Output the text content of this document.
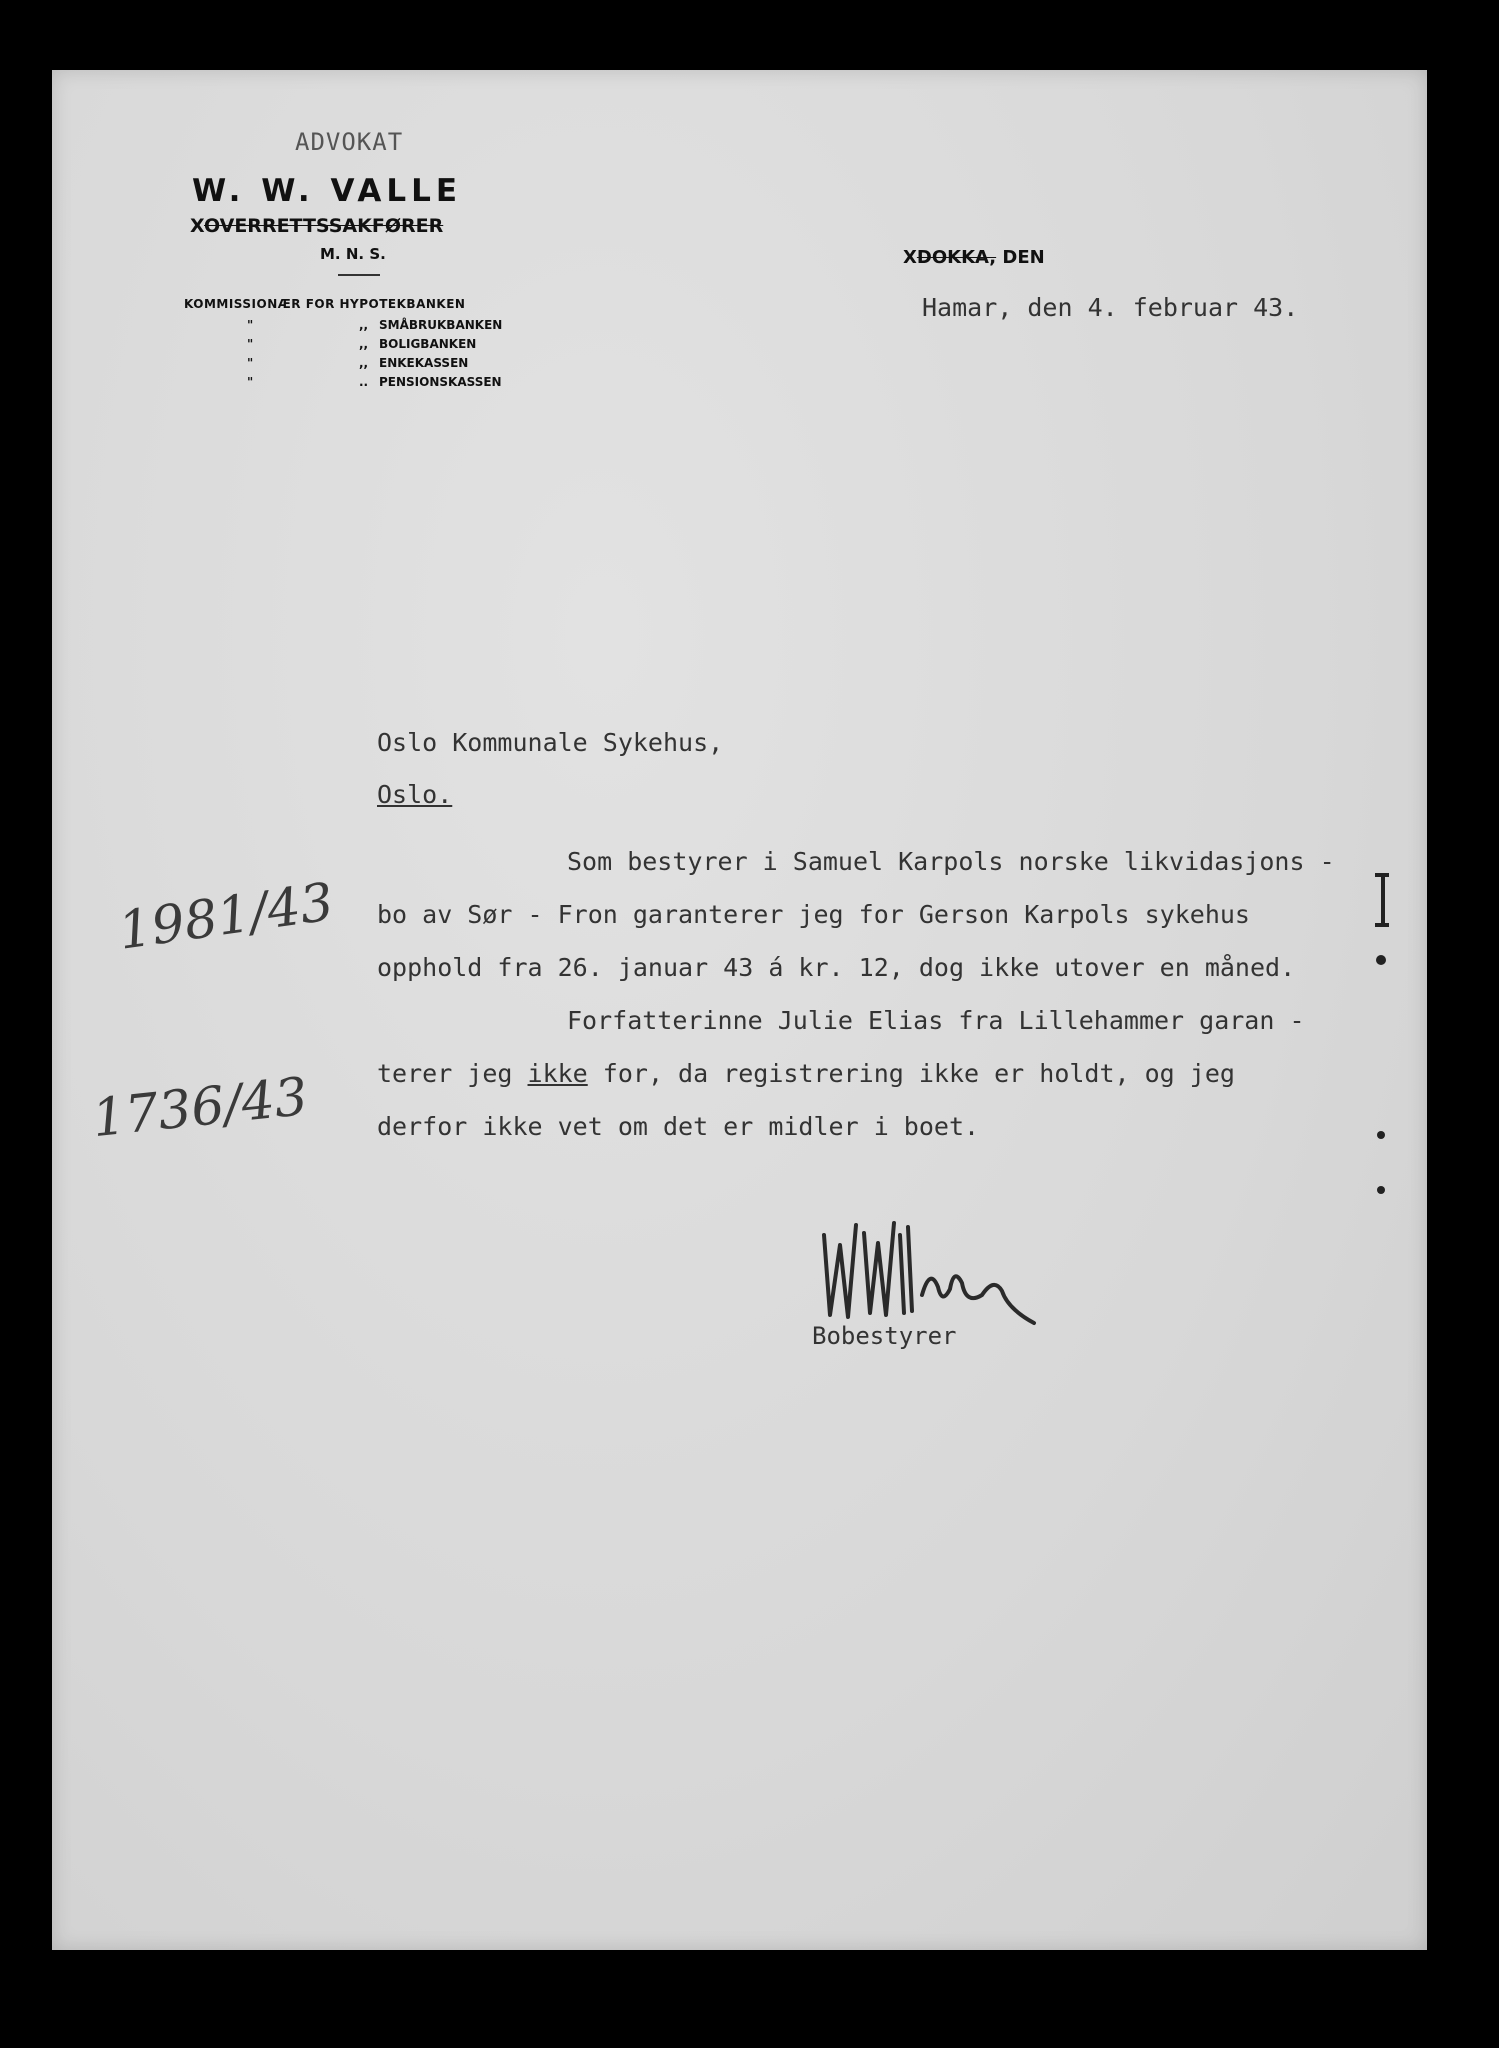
ADVOKAT
W. W. VALLE
XOVERRETTSSAKFØRER
M. N. S.
KOMMISSIONÆR FOR HYPOTEKBANKEN
"	,, SMÅBRUKBANKEN
"	,, BOLIGBANKEN
"	,, ENKEKASSEN
"	.. PENSIONSKASSEN
XDOKKA, DEN
Hamar, den 4. februar 43.
Oslo Kommunale Sykehus,
Oslo.
Som bestyrer i Samuel Karpols norske likvidasjons -
bo av Sør - Fron garanterer jeg for Gerson Karpols sykehus
opphold fra 26. januar 43 á kr. 12, dog ikke utover en måned.
Forfatterinne Julie Elias fra Lillehammer garan -
terer jeg ikke for, da registrering ikke er holdt, og jeg
derfor ikke vet om det er midler i boet.
1981/43
1736/43
Bobestyrer
